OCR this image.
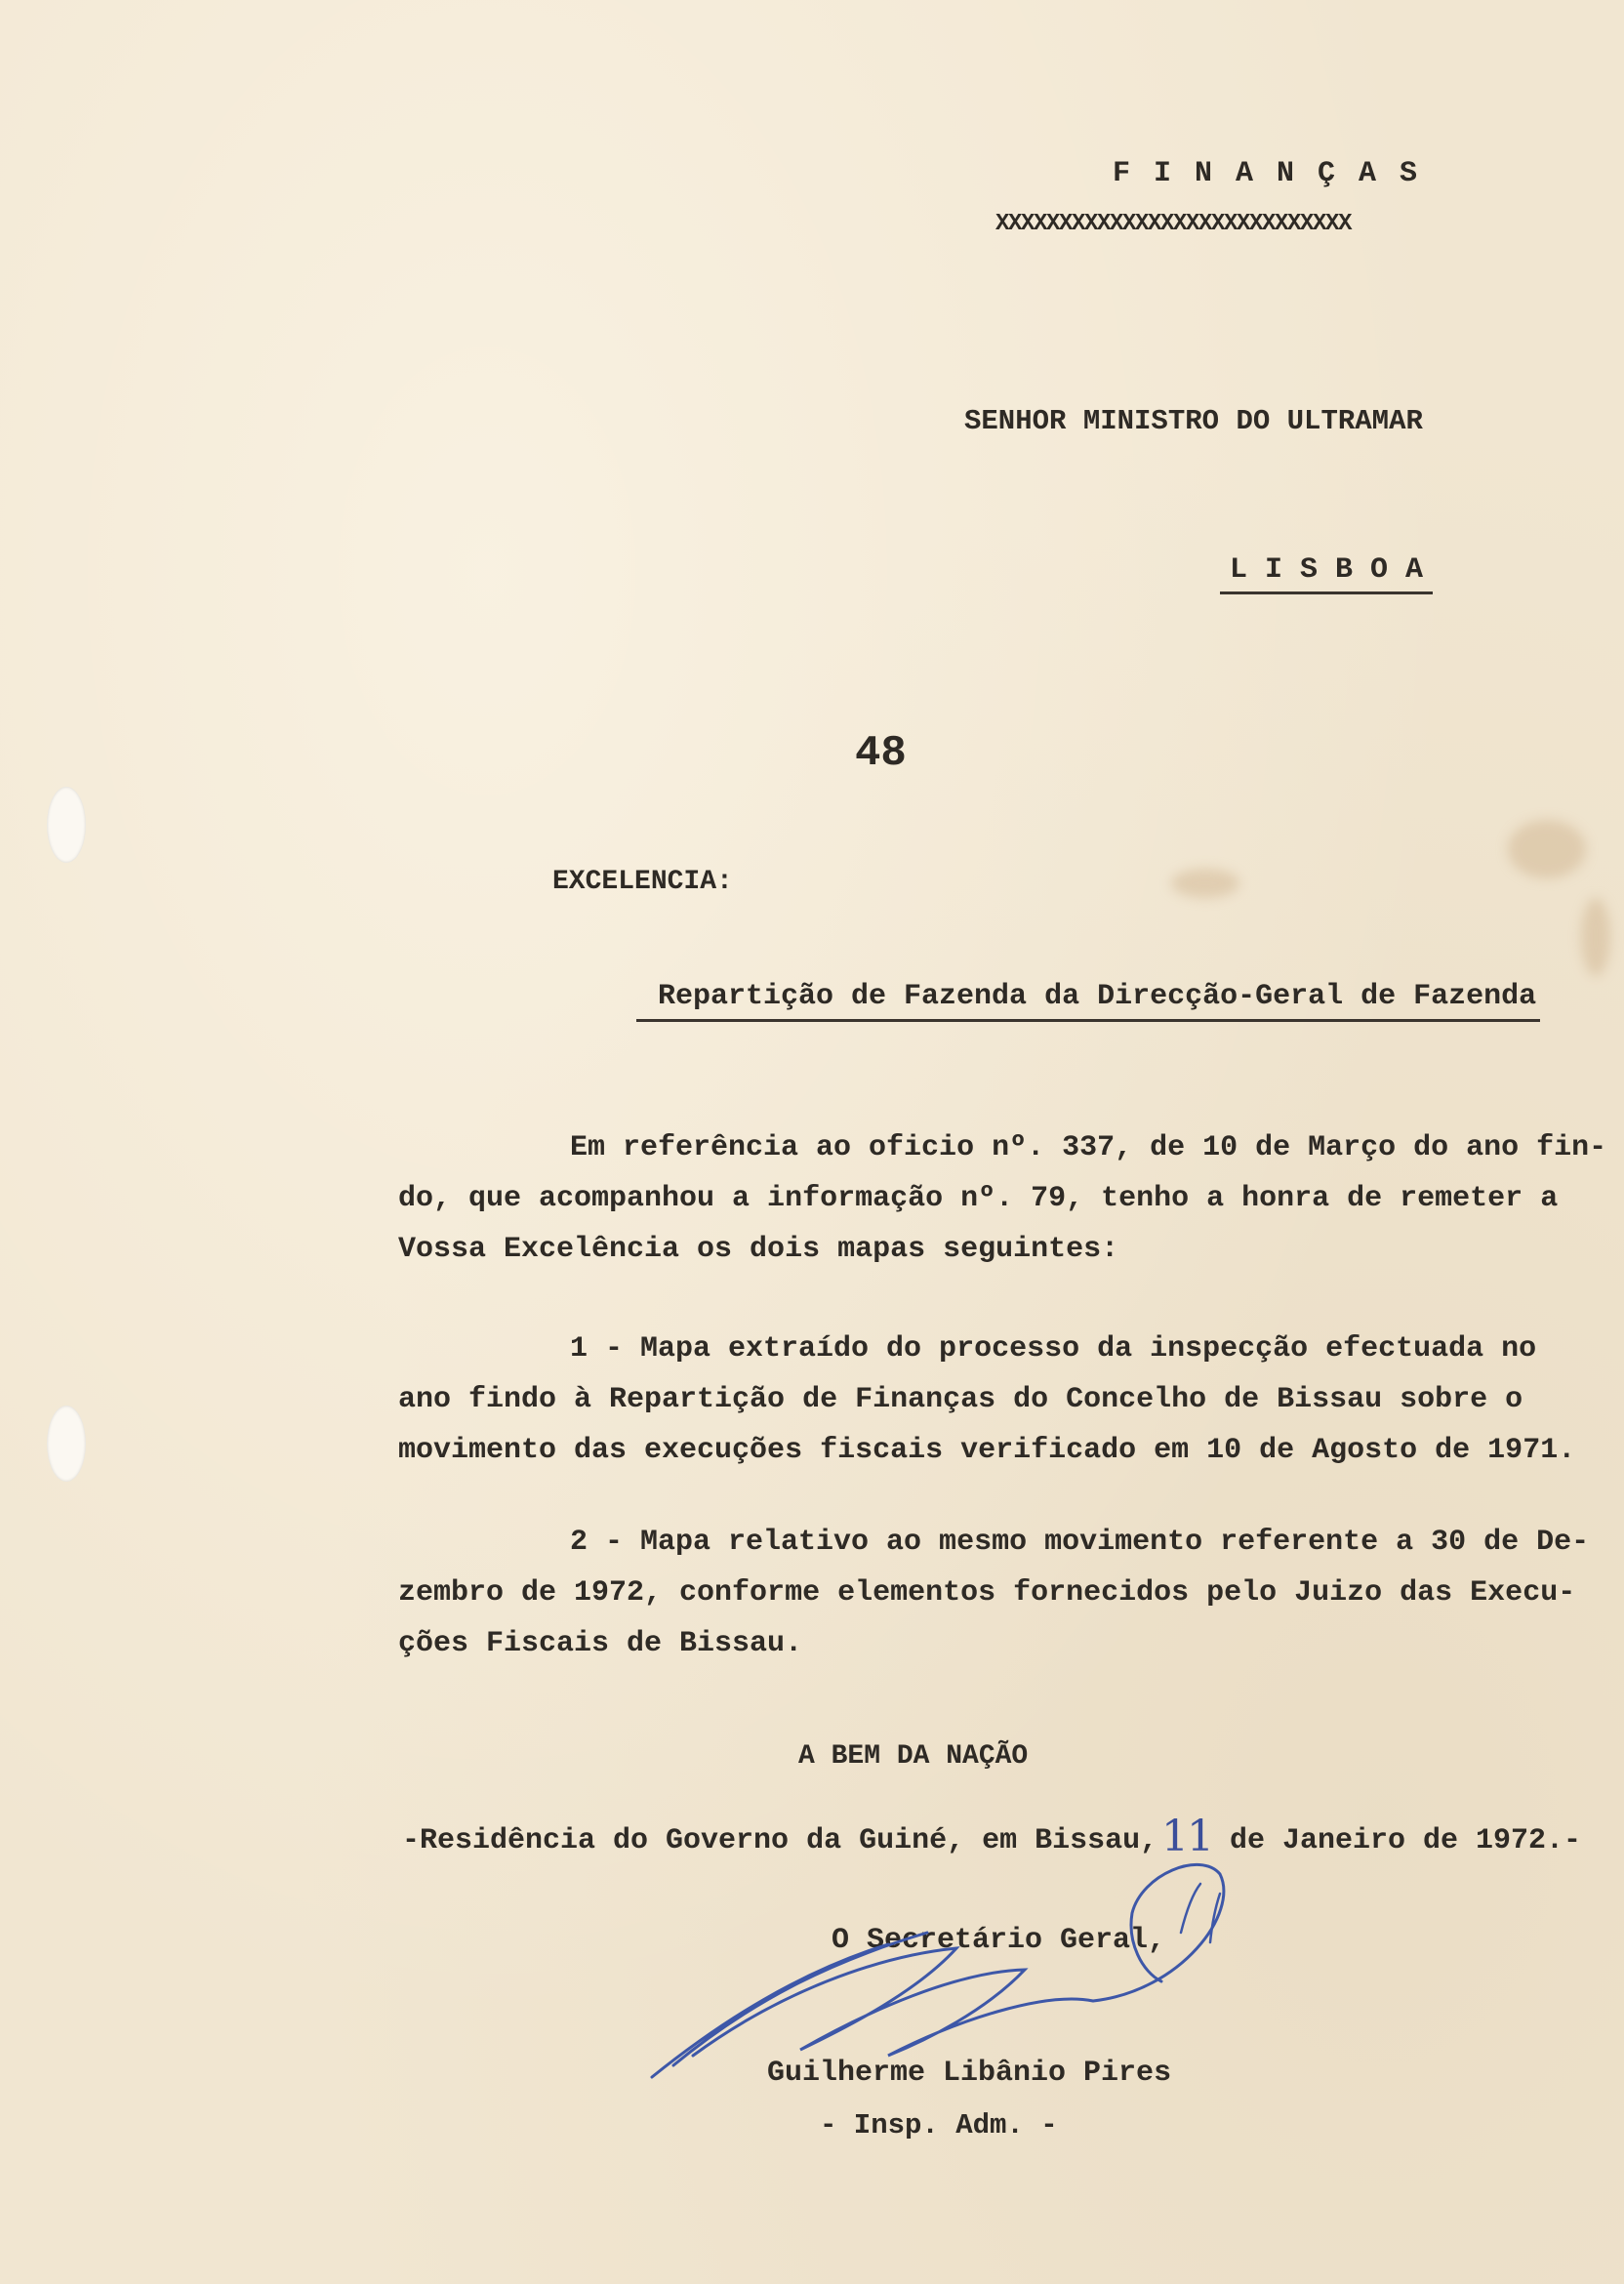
F I N A N Ç A S
XXXXXXXXXXXXXXXXXXXXXXXXXXXX
SENHOR MINISTRO DO ULTRAMAR
L I S B O A
48
EXCELENCIA:
Repartição de Fazenda da Direcção-Geral de Fazenda
Em referência ao oficio nº. 337, de 10 de Março do ano fin-
do, que acompanhou a informação nº. 79, tenho a honra de remeter a
Vossa Excelência os dois mapas seguintes:
1 - Mapa extraído do processo da inspecção efectuada no
ano findo à Repartição de Finanças do Concelho de Bissau sobre o
movimento das execuções fiscais verificado em 10 de Agosto de 1971.
2 - Mapa relativo ao mesmo movimento referente a 30 de De-
zembro de 1972, conforme elementos fornecidos pelo Juizo das Execu-
ções Fiscais de Bissau.
A BEM DA NAÇÃO
-Residência do Governo da Guiné, em Bissau, 11 de Janeiro de 1972.-
O Secretário Geral,
Guilherme Libânio Pires
- Insp. Adm. -
